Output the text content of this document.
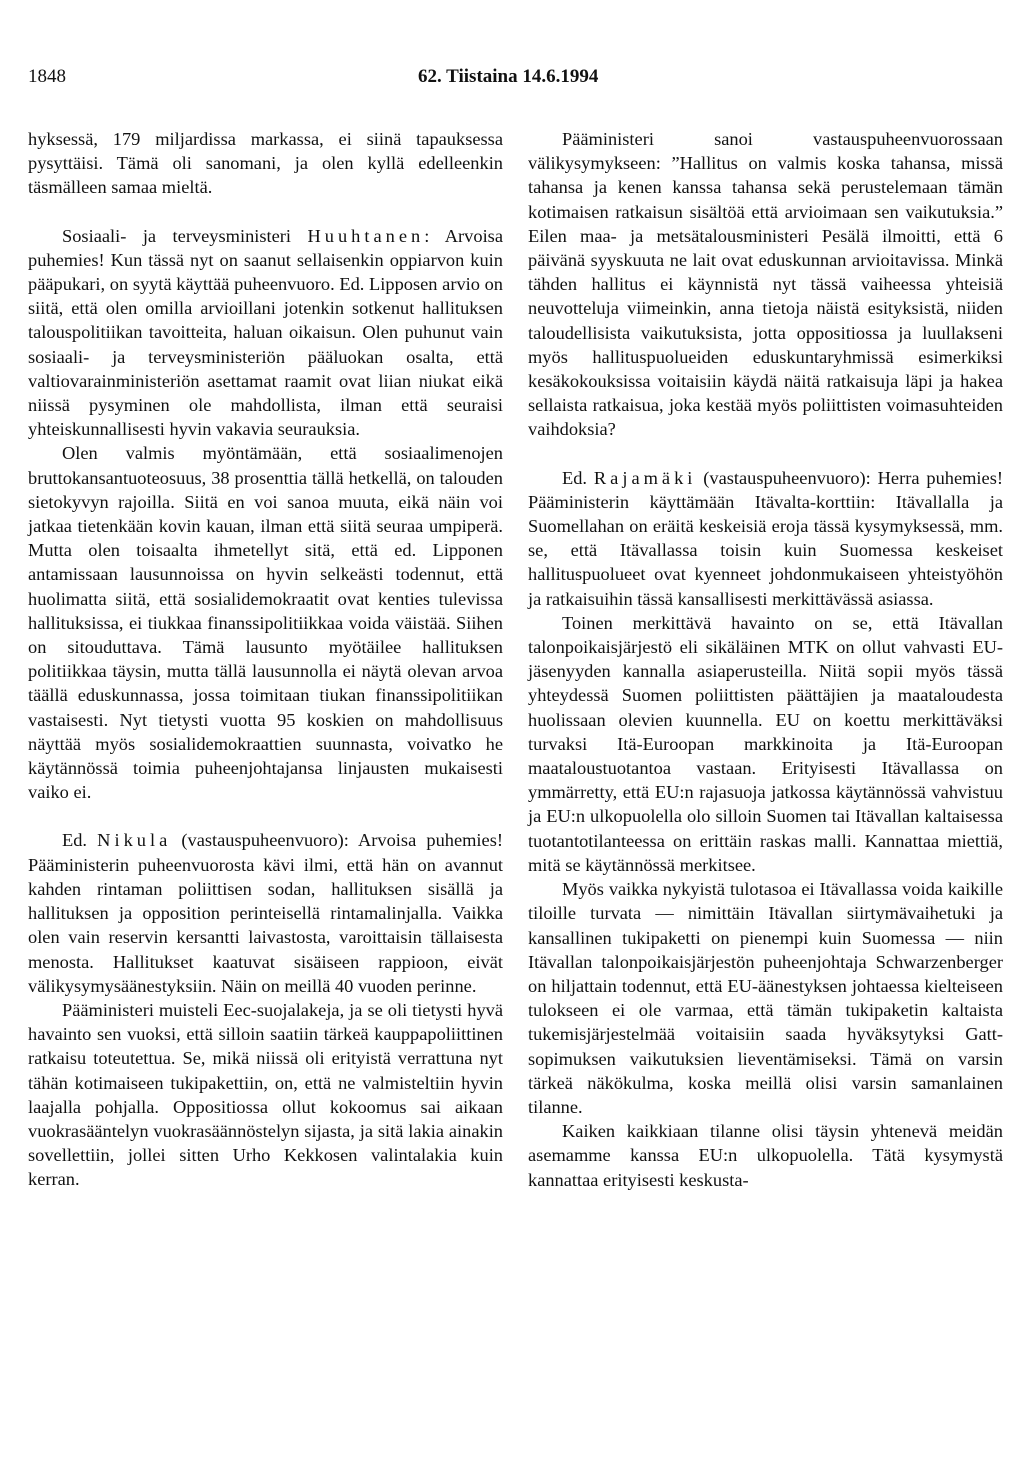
1848	62. Tiistaina 14.6.1994

hyksessä, 179 miljardissa markassa, ei siinä tapauksessa pysyttäisi. Tämä oli sanomani, ja olen kyllä edelleenkin täsmälleen samaa mieltä.

Sosiaali- ja terveysministeri Huuhtanen: Arvoisa puhemies! Kun tässä nyt on saanut sellaisenkin oppiarvon kuin pääpukari, on syytä käyttää puheenvuoro. Ed. Lipposen arvio on siitä, että olen omilla arvioillani jotenkin sotkenut hallituksen talouspolitiikan tavoitteita, haluan oikaisun. Olen puhunut vain sosiaali- ja terveysministeriön pääluokan osalta, että valtiovarainministeriön asettamat raamit ovat liian niukat eikä niissä pysyminen ole mahdollista, ilman että seuraisi yhteiskunnallisesti hyvin vakavia seurauksia.

Olen valmis myöntämään, että sosiaalimenojen bruttokansantuoteosuus, 38 prosenttia tällä hetkellä, on talouden sietokyvyn rajoilla. Siitä en voi sanoa muuta, eikä näin voi jatkaa tietenkään kovin kauan, ilman että siitä seuraa umpiperä. Mutta olen toisaalta ihmetellyt sitä, että ed. Lipponen antamissaan lausunnoissa on hyvin selkeästi todennut, että huolimatta siitä, että sosialidemokraatit ovat kenties tulevissa hallituksissa, ei tiukkaa finanssipolitiikkaa voida väistää. Siihen on sitouduttava. Tämä lausunto myötäilee hallituksen politiikkaa täysin, mutta tällä lausunnolla ei näytä olevan arvoa täällä eduskunnassa, jossa toimitaan tiukan finanssipolitiikan vastaisesti. Nyt tietysti vuotta 95 koskien on mahdollisuus näyttää myös sosialidemokraattien suunnasta, voivatko he käytännössä toimia puheenjohtajansa linjausten mukaisesti vaiko ei.

Ed. Nikula (vastauspuheenvuoro): Arvoisa puhemies! Pääministerin puheenvuorosta kävi ilmi, että hän on avannut kahden rintaman poliittisen sodan, hallituksen sisällä ja hallituksen ja opposition perinteisellä rintamalinjalla. Vaikka olen vain reservin kersantti laivastosta, varoittaisin tällaisesta menosta. Hallitukset kaatuvat sisäiseen rappioon, eivät välikysymysäänestyksiin. Näin on meillä 40 vuoden perinne.

Pääministeri muisteli Eec-suojalakeja, ja se oli tietysti hyvä havainto sen vuoksi, että silloin saatiin tärkeä kauppapoliittinen ratkaisu toteutettua. Se, mikä niissä oli erityistä verrattuna nyt tähän kotimaiseen tukipakettiin, on, että ne valmisteltiin hyvin laajalla pohjalla. Oppositiossa ollut kokoomus sai aikaan vuokrasääntelyn vuokrasäännöstelyn sijasta, ja sitä lakia ainakin sovellettiin, jollei sitten Urho Kekkosen valintalakia kuin kerran.

Pääministeri sanoi vastauspuheenvuorossaan välikysymykseen: ”Hallitus on valmis koska tahansa, missä tahansa ja kenen kanssa tahansa sekä perustelemaan tämän kotimaisen ratkaisun sisältöä että arvioimaan sen vaikutuksia.” Eilen maa- ja metsätalousministeri Pesälä ilmoitti, että 6 päivänä syyskuuta ne lait ovat eduskunnan arvioitavissa. Minkä tähden hallitus ei käynnistä nyt tässä vaiheessa yhteisiä neuvotteluja viimeinkin, anna tietoja näistä esityksistä, niiden taloudellisista vaikutuksista, jotta oppositiossa ja luullakseni myös hallituspuolueiden eduskuntaryhmissä esimerkiksi kesäkokouksissa voitaisiin käydä näitä ratkaisuja läpi ja hakea sellaista ratkaisua, joka kestää myös poliittisten voimasuhteiden vaihdoksia?

Ed. Rajamäki (vastauspuheenvuoro): Herra puhemies! Pääministerin käyttämään Itävalta-korttiin: Itävallalla ja Suomellahan on eräitä keskeisiä eroja tässä kysymyksessä, mm. se, että Itävallassa toisin kuin Suomessa keskeiset hallituspuolueet ovat kyenneet johdonmukaiseen yhteistyöhön ja ratkaisuihin tässä kansallisesti merkittävässä asiassa.

Toinen merkittävä havainto on se, että Itävallan talonpoikaisjärjestö eli sikäläinen MTK on ollut vahvasti EU-jäsenyyden kannalla asiaperusteilla. Niitä sopii myös tässä yhteydessä Suomen poliittisten päättäjien ja maataloudesta huolissaan olevien kuunnella. EU on koettu merkittäväksi turvaksi Itä-Euroopan markkinoita ja Itä-Euroopan maataloustuotantoa vastaan. Erityisesti Itävallassa on ymmärretty, että EU:n rajasuoja jatkossa käytännössä vahvistuu ja EU:n ulkopuolella olo silloin Suomen tai Itävallan kaltaisessa tuotantotilanteessa on erittäin raskas malli. Kannattaa miettiä, mitä se käytännössä merkitsee.

Myös vaikka nykyistä tulotasoa ei Itävallassa voida kaikille tiloille turvata — nimittäin Itävallan siirtymävaihetuki ja kansallinen tukipaketti on pienempi kuin Suomessa — niin Itävallan talonpoikaisjärjestön puheenjohtaja Schwarzenberger on hiljattain todennut, että EU-äänestyksen johtaessa kielteiseen tulokseen ei ole varmaa, että tämän tukipaketin kaltaista tukemisjärjestelmää voitaisiin saada hyväksytyksi Gatt-sopimuksen vaikutuksien lieventämiseksi. Tämä on varsin tärkeä näkökulma, koska meillä olisi varsin samanlainen tilanne.

Kaiken kaikkiaan tilanne olisi täysin yhtenevä meidän asemamme kanssa EU:n ulkopuolella. Tätä kysymystä kannattaa erityisesti keskusta-
